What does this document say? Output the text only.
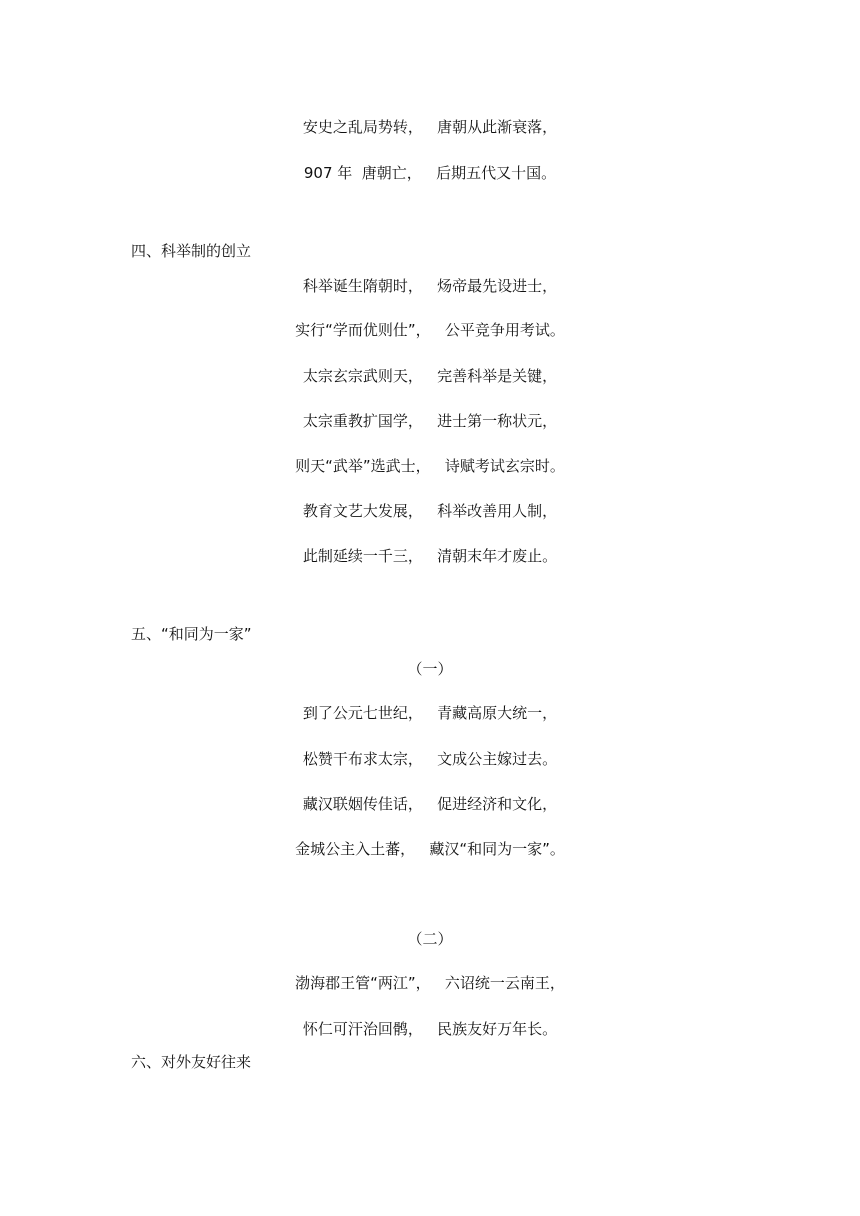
安史之乱局势转，   唐朝从此渐衰落，
907 年  唐朝亡，   后期五代又十国。
四、科举制的创立
科举诞生隋朝时，   炀帝最先设进士，
实行“学而优则仕”，   公平竞争用考试。
太宗玄宗武则天，   完善科举是关键，
太宗重教扩国学，   进士第一称状元，
则天“武举”选武士，   诗赋考试玄宗时。
教育文艺大发展，   科举改善用人制，
此制延续一千三，   清朝末年才废止。
五、“和同为一家”
（一）
到了公元七世纪，   青藏高原大统一，
松赞干布求太宗，   文成公主嫁过去。
藏汉联姻传佳话，   促进经济和文化，
金城公主入土蕃，   藏汉“和同为一家”。
（二）
渤海郡王管“两江”，   六诏统一云南王，
怀仁可汗治回鹘，   民族友好万年长。
六、对外友好往来
